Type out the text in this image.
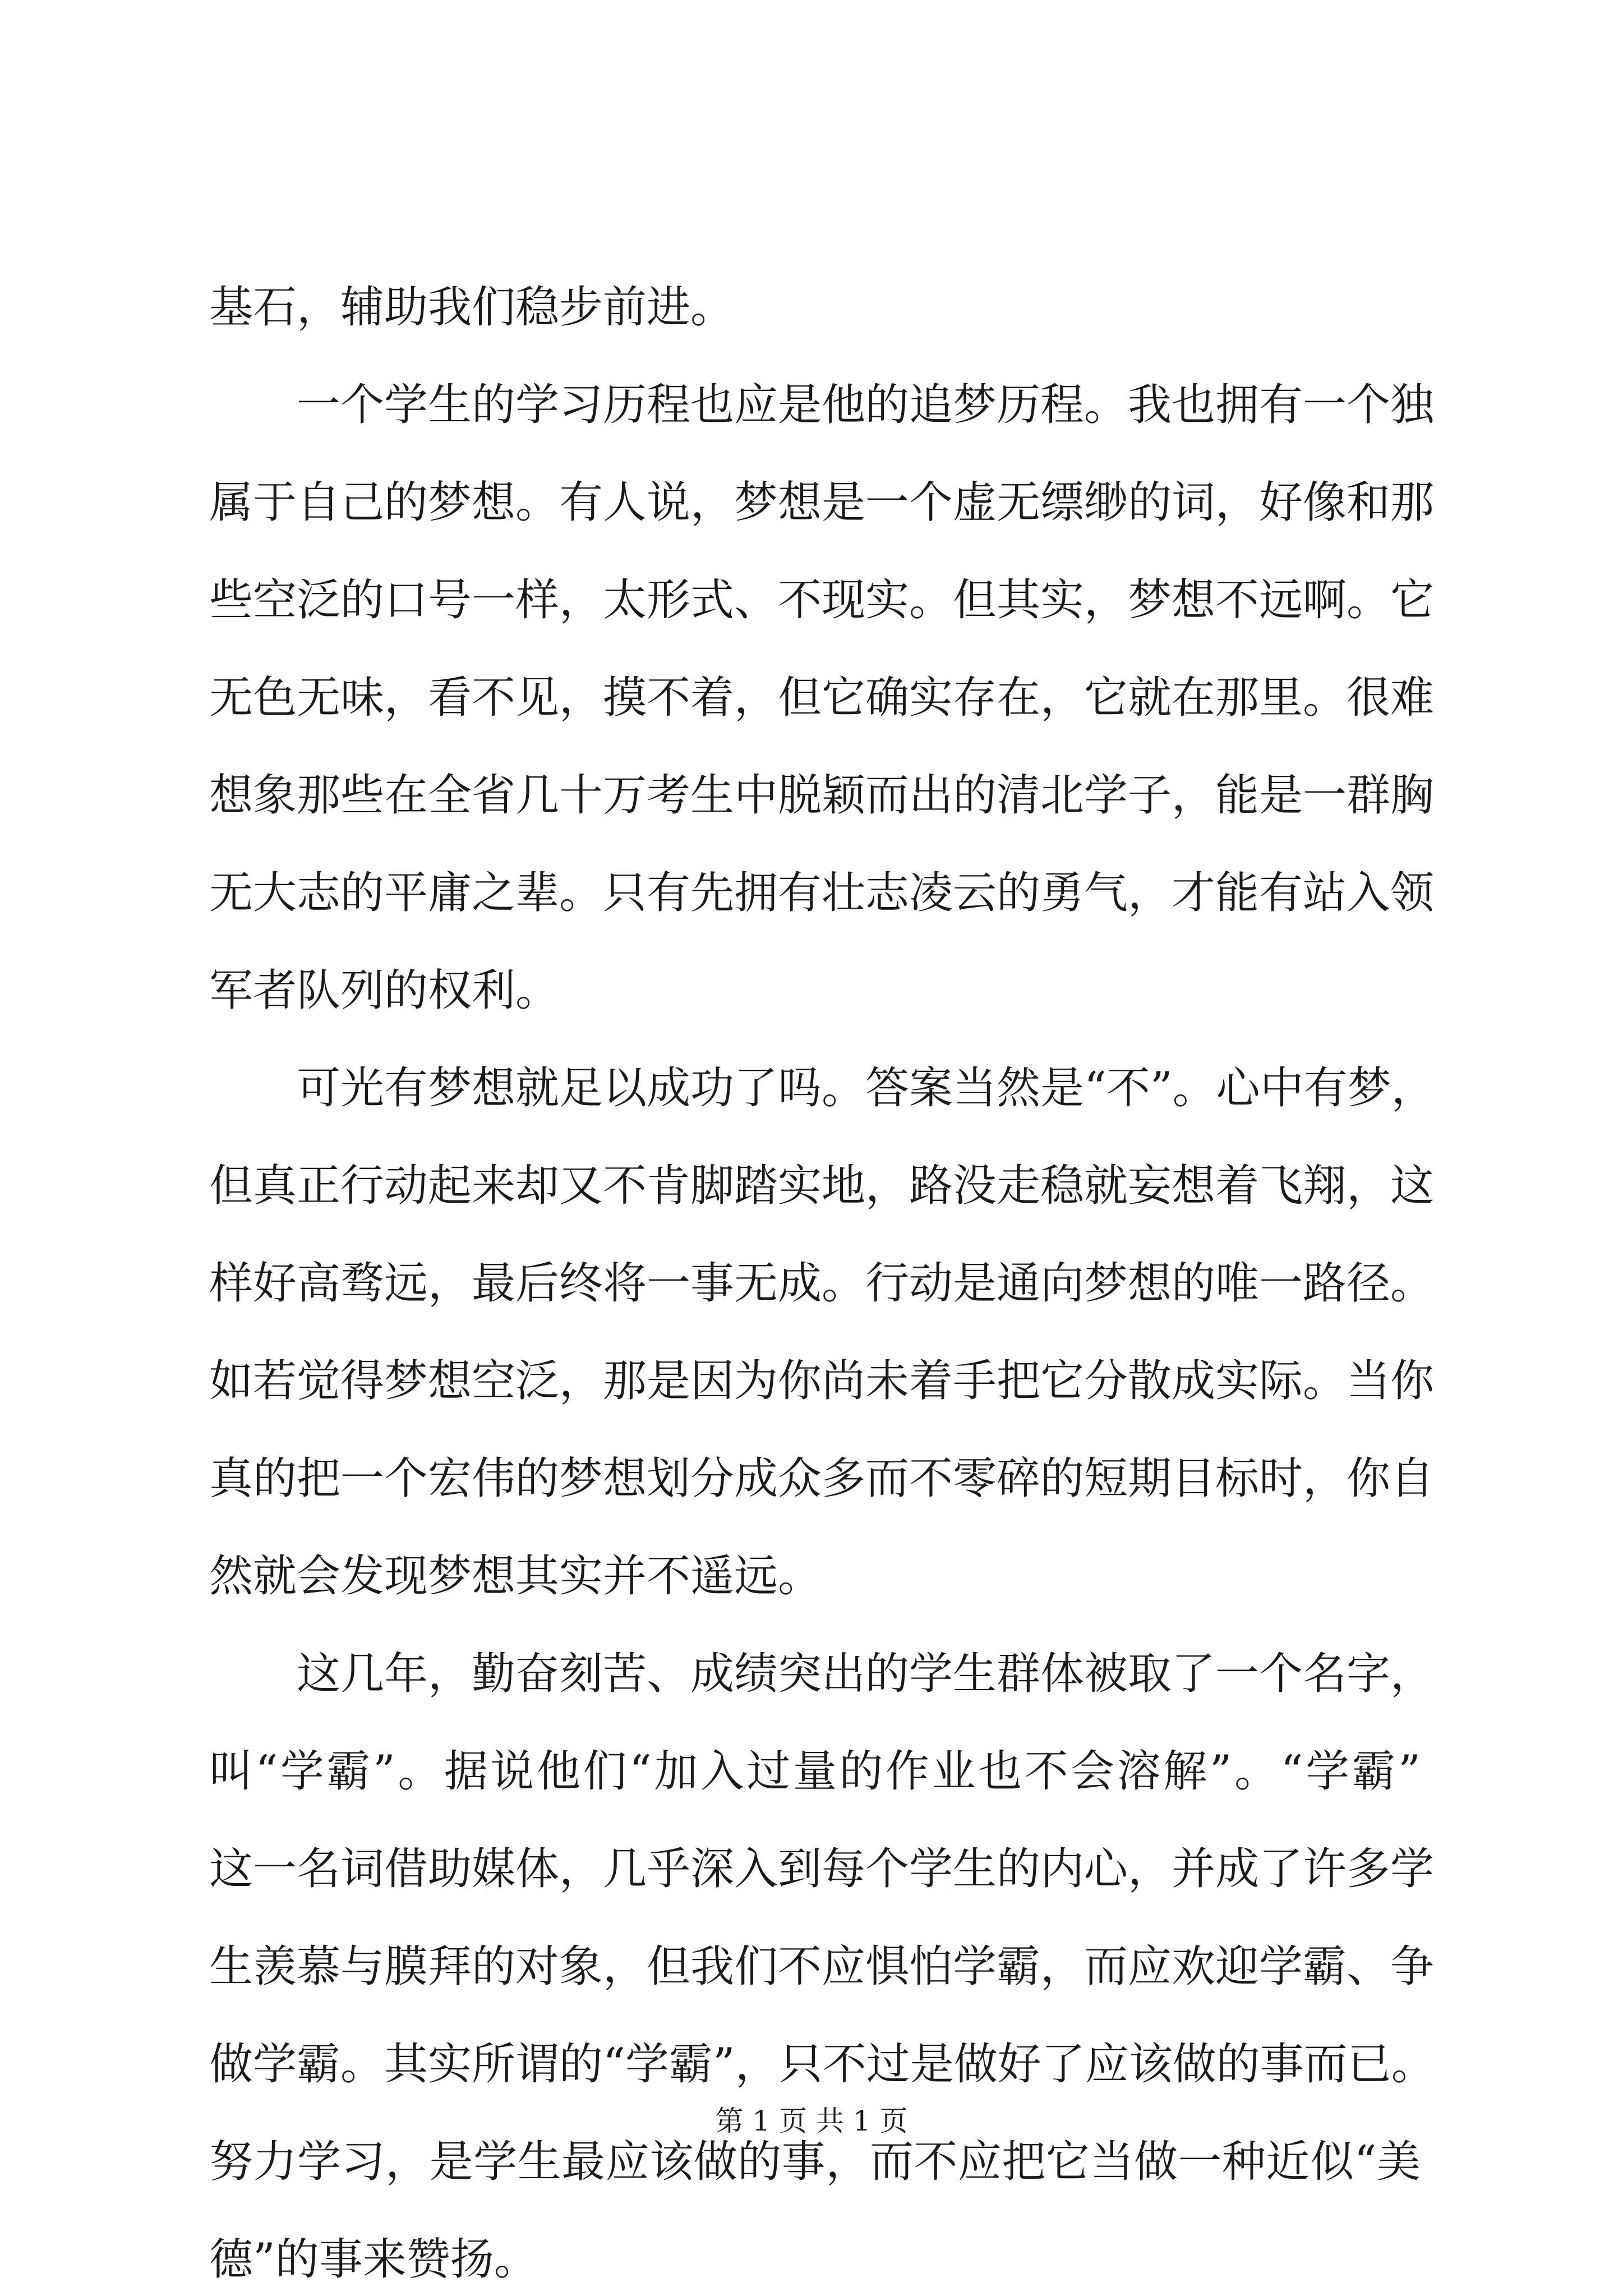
基石，辅助我们稳步前进。
　　一个学生的学习历程也应是他的追梦历程。我也拥有一个独
属于自己的梦想。有人说，梦想是一个虚无缥缈的词，好像和那
些空泛的口号一样，太形式、不现实。但其实，梦想不远啊。它
无色无味，看不见，摸不着，但它确实存在，它就在那里。很难
想象那些在全省几十万考生中脱颖而出的清北学子，能是一群胸
无大志的平庸之辈。只有先拥有壮志凌云的勇气，才能有站入领
军者队列的权利。
　　可光有梦想就足以成功了吗。答案当然是“不”。心中有梦，
但真正行动起来却又不肯脚踏实地，路没走稳就妄想着飞翔，这
样好高骛远，最后终将一事无成。行动是通向梦想的唯一路径。
如若觉得梦想空泛，那是因为你尚未着手把它分散成实际。当你
真的把一个宏伟的梦想划分成众多而不零碎的短期目标时，你自
然就会发现梦想其实并不遥远。
　　这几年，勤奋刻苦、成绩突出的学生群体被取了一个名字，
叫“学霸”。据说他们“加入过量的作业也不会溶解”。“学霸”
这一名词借助媒体，几乎深入到每个学生的内心，并成了许多学
生羡慕与膜拜的对象，但我们不应惧怕学霸，而应欢迎学霸、争
做学霸。其实所谓的“学霸”，只不过是做好了应该做的事而已。
努力学习，是学生最应该做的事，而不应把它当做一种近似“美
德”的事来赞扬。
第 1 页 共 1 页
